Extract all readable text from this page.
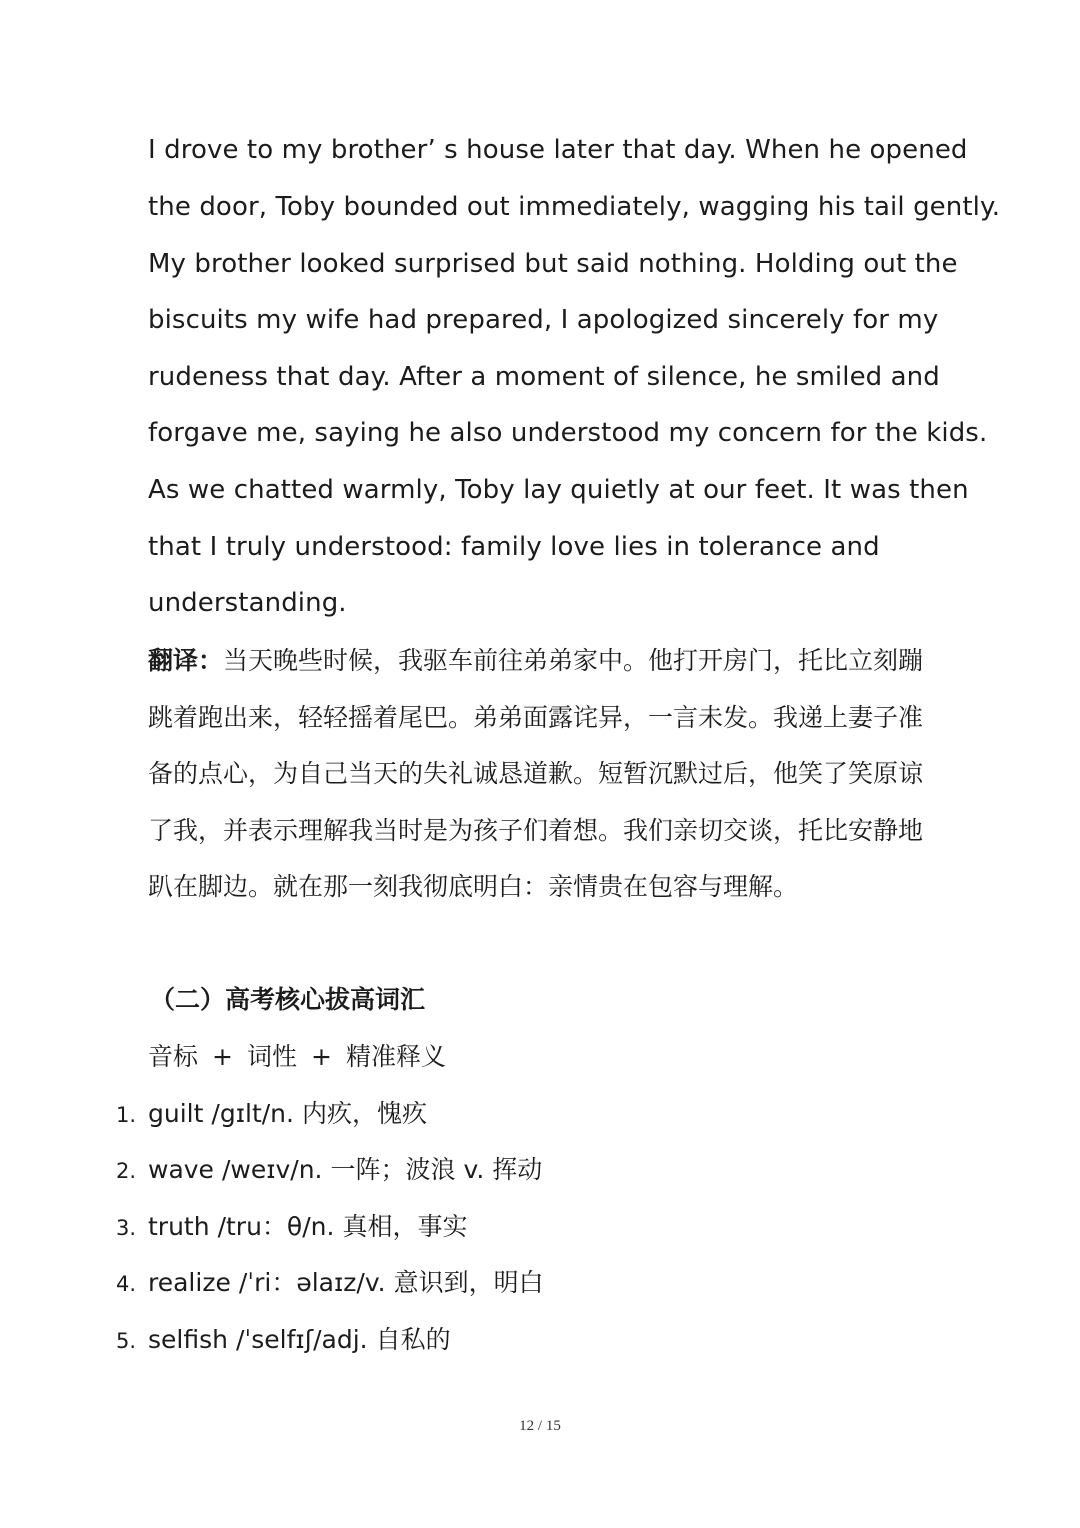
I drove to my brother’ s house later that day. When he opened
the door, Toby bounded out immediately, wagging his tail gently.
My brother looked surprised but said nothing. Holding out the
biscuits my wife had prepared, I apologized sincerely for my
rudeness that day. After a moment of silence, he smiled and
forgave me, saying he also understood my concern for the kids.
As we chatted warmly, Toby lay quietly at our feet. It was then
that I truly understood: family love lies in tolerance and
understanding.
翻译：当天晚些时候，我驱车前往弟弟家中。他打开房门，托比立刻蹦
跳着跑出来，轻轻摇着尾巴。弟弟面露诧异，一言未发。我递上妻子准
备的点心，为自己当天的失礼诚恳道歉。短暂沉默过后，他笑了笑原谅
了我，并表示理解我当时是为孩子们着想。我们亲切交谈，托比安静地
趴在脚边。就在那一刻我彻底明白：亲情贵在包容与理解。
（二）高考核心拔高词汇
音标 + 词性 + 精准释义
1. guilt /gɪlt/n. 内疚，愧疚
2. wave /weɪv/n. 一阵；波浪 v. 挥动
3. truth /tru：θ/n. 真相，事实
4. realize /ˈri：əlaɪz/v. 意识到，明白
5. selfish /ˈselfɪʃ/adj. 自私的
12 / 15
